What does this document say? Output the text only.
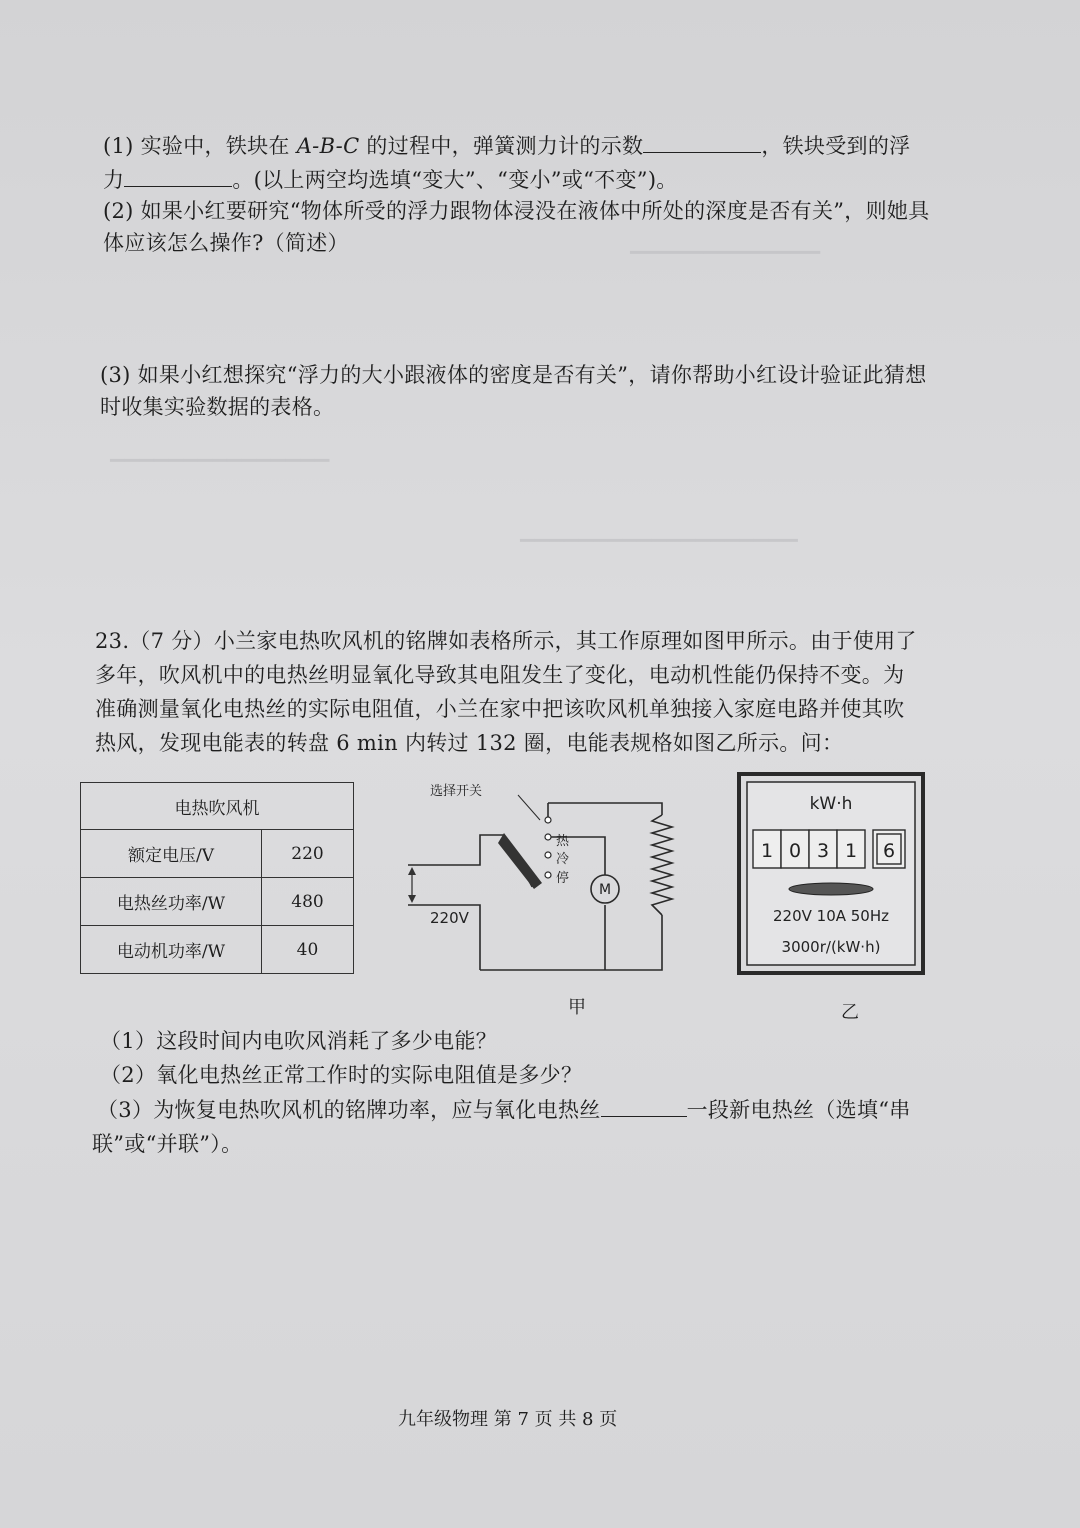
▁▁▁▁▁▁▁▁▁▁▁▁▁
▁▁▁▁▁▁▁▁▁▁▁▁▁▁▁
▁▁▁▁▁▁▁▁▁▁▁▁▁▁▁▁▁▁▁
(1) 实验中，铁块在 A-B-C 的过程中，弹簧测力计的示数	，铁块受到的浮
力	。(以上两空均选填“变大”、“变小”或“不变”)。
(2) 如果小红要研究“物体所受的浮力跟物体浸没在液体中所处的深度是否有关”，则她具
体应该怎么操作?（简述）
(3) 如果小红想探究“浮力的大小跟液体的密度是否有关”，请你帮助小红设计验证此猜想
时收集实验数据的表格。
23.（7 分）小兰家电热吹风机的铭牌如表格所示，其工作原理如图甲所示。由于使用了
多年，吹风机中的电热丝明显氧化导致其电阻发生了变化，电动机性能仍保持不变。为
准确测量氧化电热丝的实际电阻值，小兰在家中把该吹风机单独接入家庭电路并使其吹
热风，发现电能表的转盘 6 min 内转过 132 圈，电能表规格如图乙所示。问：
电热吹风机	
额定电压/V	220
电热丝功率/W	480
电动机功率/W	40
选择开关
热
冷
停
M
220V
甲
kW·h
1 0 3 1 6
220V 10A 50Hz
3000r/(kW·h)
乙
（1）这段时间内电吹风消耗了多少电能？
（2）氧化电热丝正常工作时的实际电阻值是多少？
（3）为恢复电热吹风机的铭牌功率，应与氧化电热丝	一段新电热丝（选填“串
联”或“并联”）。
九年级物理 第 7 页 共 8 页
